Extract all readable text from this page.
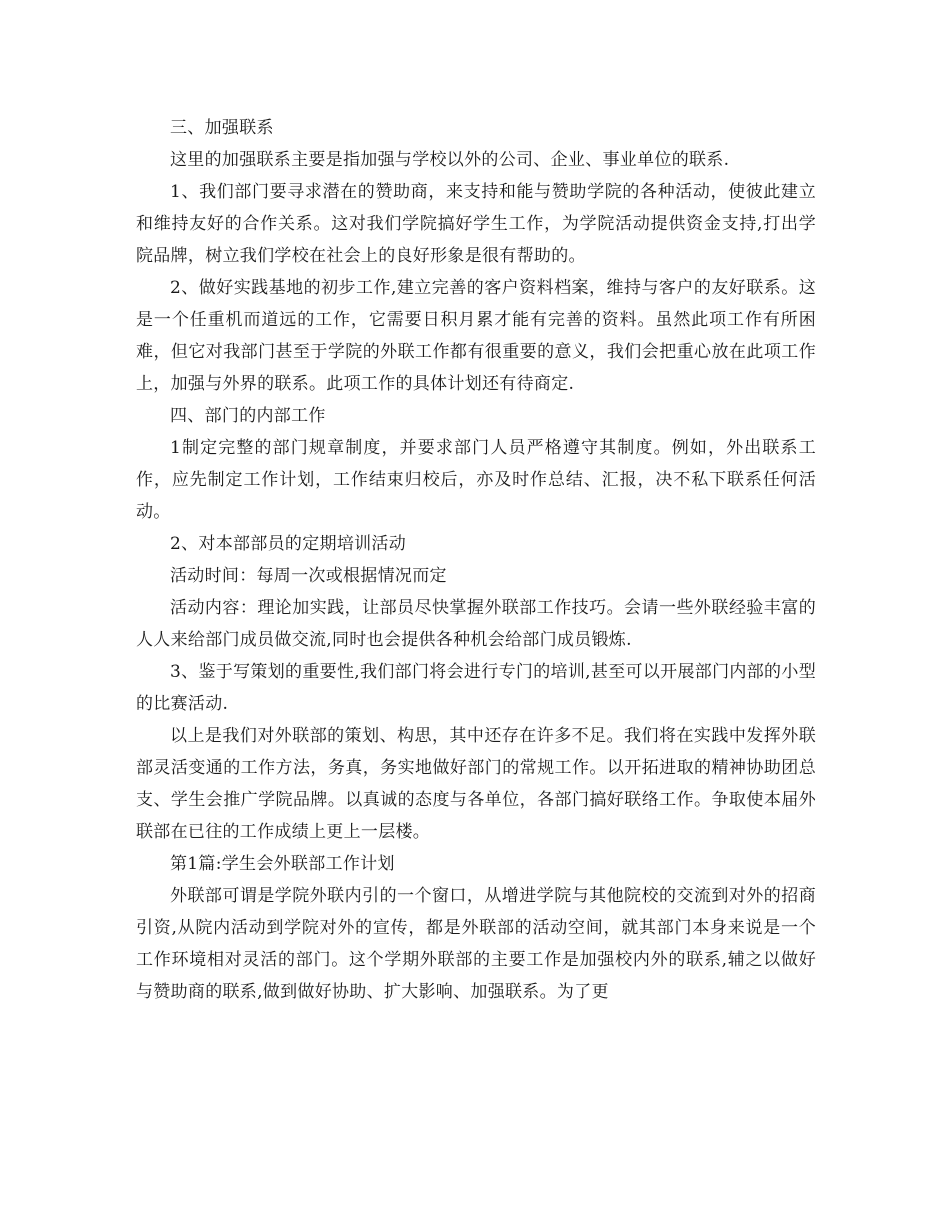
三、加强联系

这里的加强联系主要是指加强与学校以外的公司、企业、事业单位的联系.

1、我们部门要寻求潜在的赞助商，来支持和能与赞助学院的各种活动，使彼此建立和维持友好的合作关系。这对我们学院搞好学生工作，为学院活动提供资金支持,打出学院品牌，树立我们学校在社会上的良好形象是很有帮助的。

2、做好实践基地的初步工作,建立完善的客户资料档案，维持与客户的友好联系。这是一个任重机而道远的工作，它需要日积月累才能有完善的资料。虽然此项工作有所困难，但它对我部门甚至于学院的外联工作都有很重要的意义，我们会把重心放在此项工作上，加强与外界的联系。此项工作的具体计划还有待商定.

四、部门的内部工作

1制定完整的部门规章制度，并要求部门人员严格遵守其制度。例如，外出联系工作，应先制定工作计划，工作结束归校后，亦及时作总结、汇报，决不私下联系任何活动。

2、对本部部员的定期培训活动

活动时间：每周一次或根据情况而定

活动内容：理论加实践，让部员尽快掌握外联部工作技巧。会请一些外联经验丰富的人人来给部门成员做交流,同时也会提供各种机会给部门成员锻炼.

3、鉴于写策划的重要性,我们部门将会进行专门的培训,甚至可以开展部门内部的小型的比赛活动.

以上是我们对外联部的策划、构思，其中还存在许多不足。我们将在实践中发挥外联部灵活变通的工作方法，务真，务实地做好部门的常规工作。以开拓进取的精神协助团总支、学生会推广学院品牌。以真诚的态度与各单位，各部门搞好联络工作。争取使本届外联部在已往的工作成绩上更上一层楼。

第1篇:学生会外联部工作计划

外联部可谓是学院外联内引的一个窗口，从增进学院与其他院校的交流到对外的招商引资,从院内活动到学院对外的宣传，都是外联部的活动空间，就其部门本身来说是一个工作环境相对灵活的部门。这个学期外联部的主要工作是加强校内外的联系,辅之以做好与赞助商的联系,做到做好协助、扩大影响、加强联系。为了更
